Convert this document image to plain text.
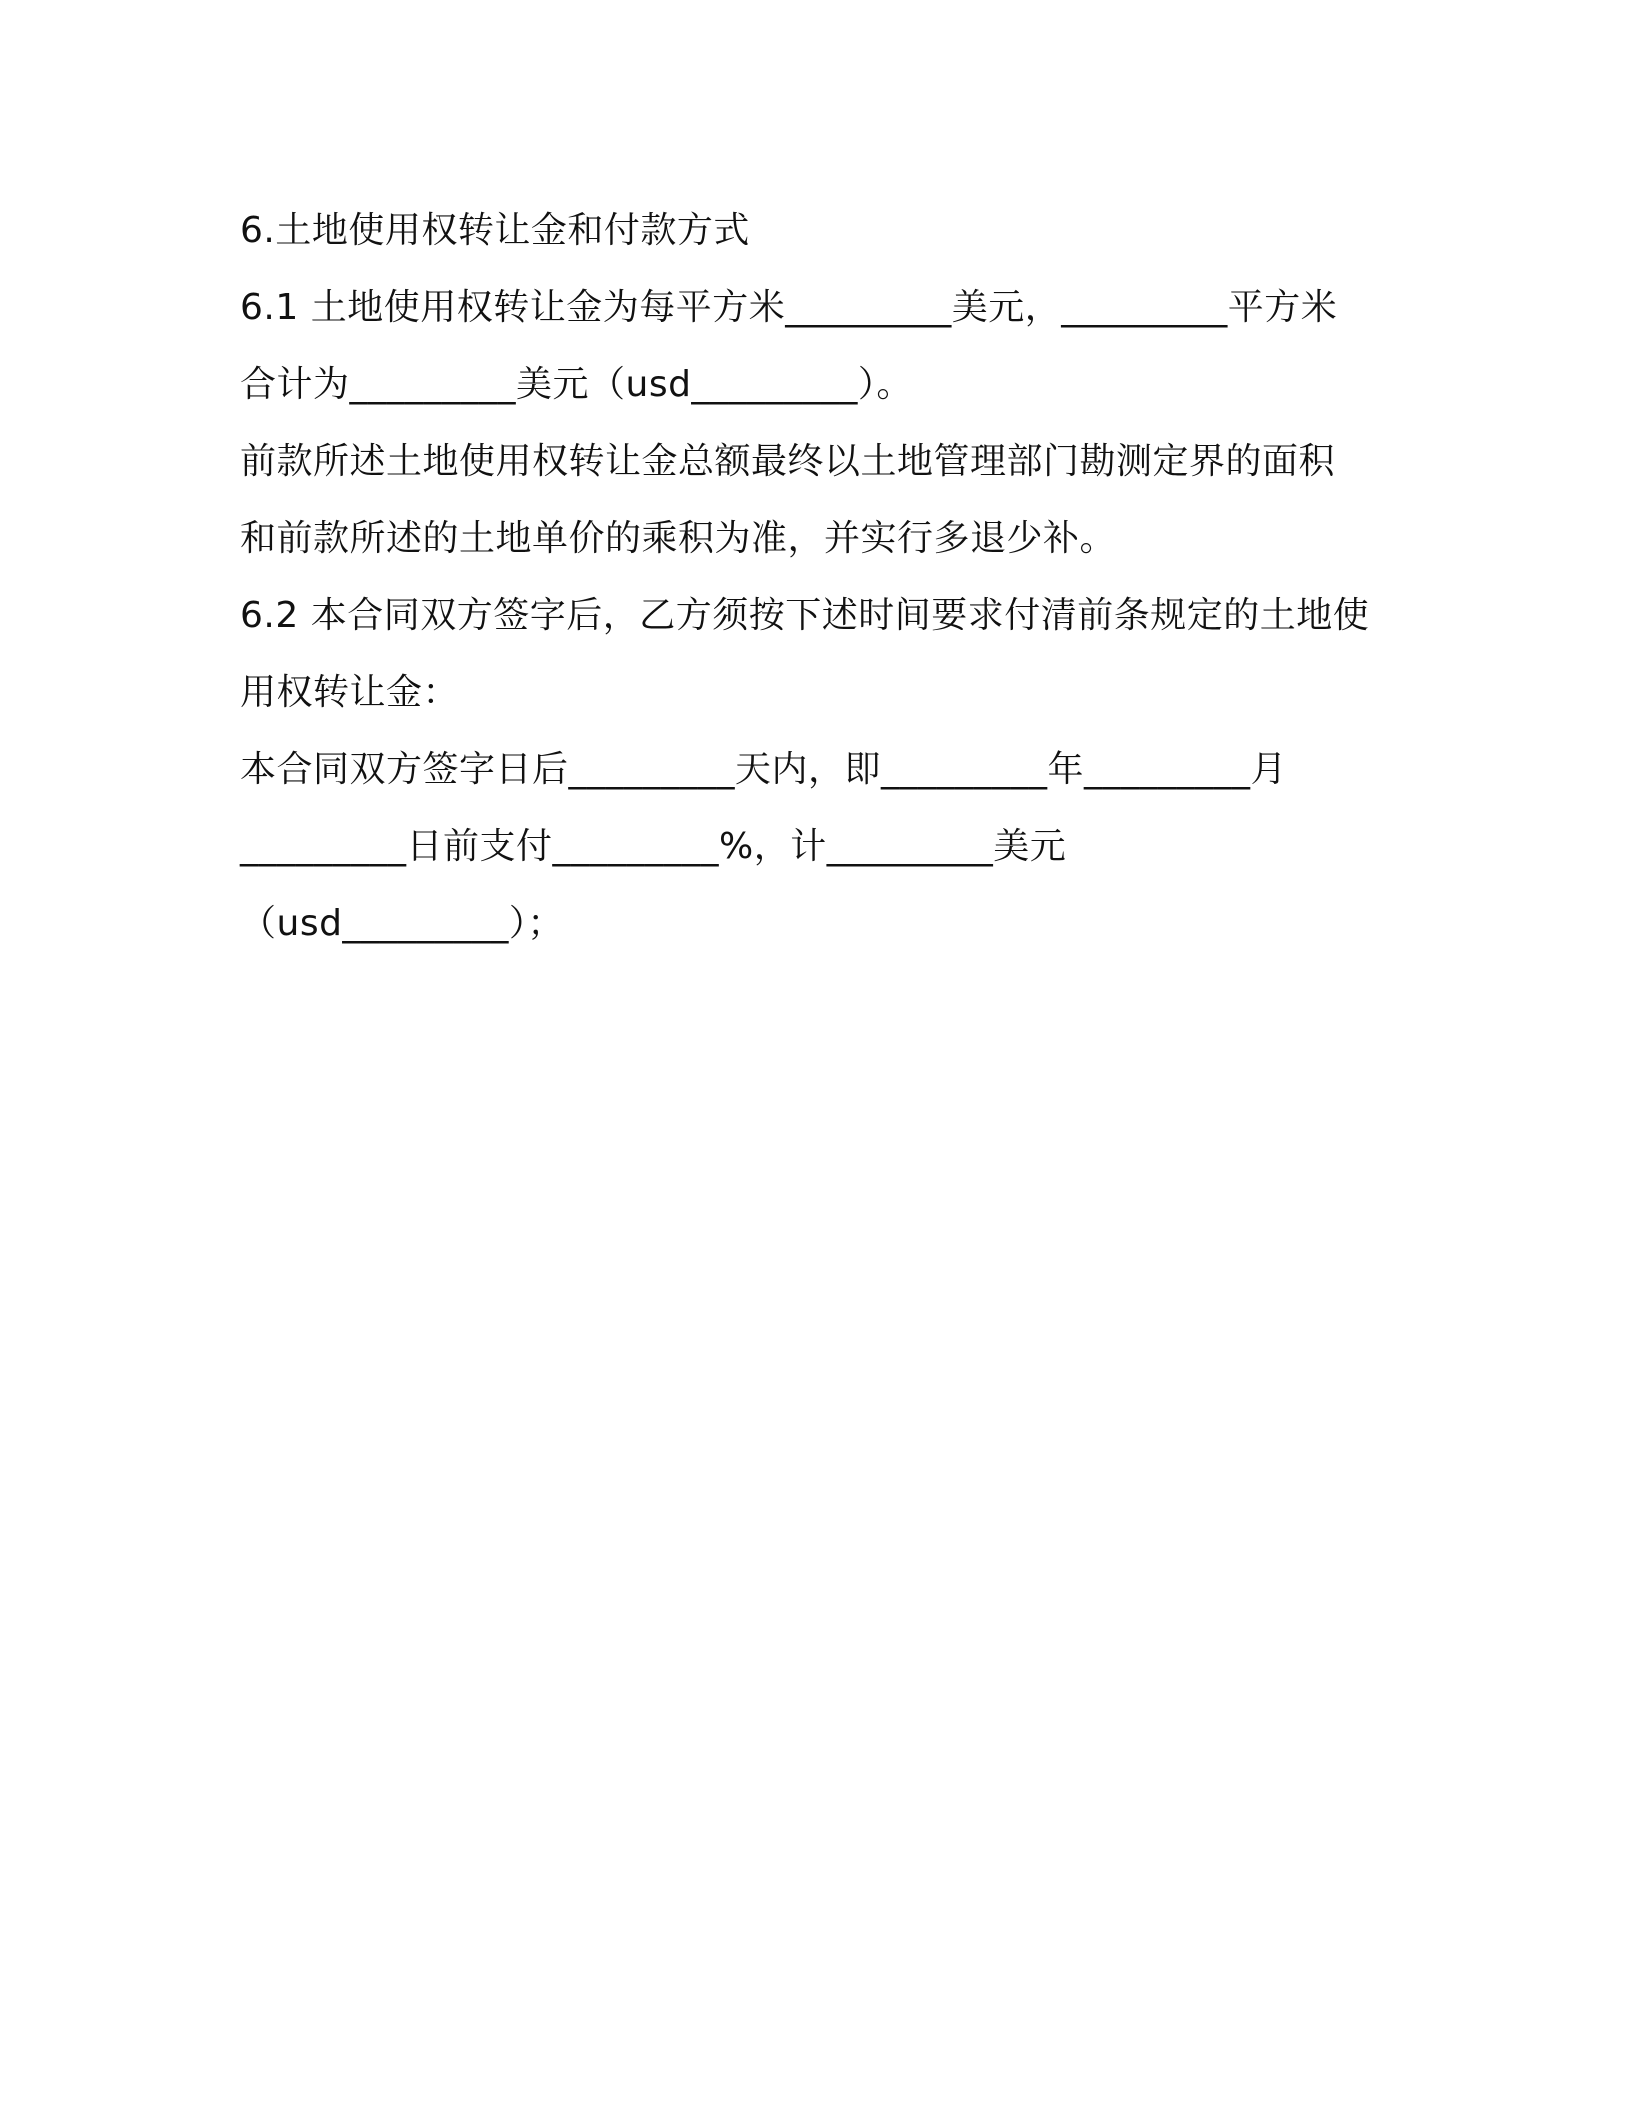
6.土地使用权转让金和付款方式
6.1 土地使用权转让金为每平方米_________美元，_________平方米
合计为_________美元（usd_________）。
前款所述土地使用权转让金总额最终以土地管理部门勘测定界的面积
和前款所述的土地单价的乘积为准，并实行多退少补。
6.2 本合同双方签字后，乙方须按下述时间要求付清前条规定的土地使
用权转让金：
本合同双方签字日后_________天内，即_________年_________月
_________日前支付_________%，计_________美元
（usd_________）；
